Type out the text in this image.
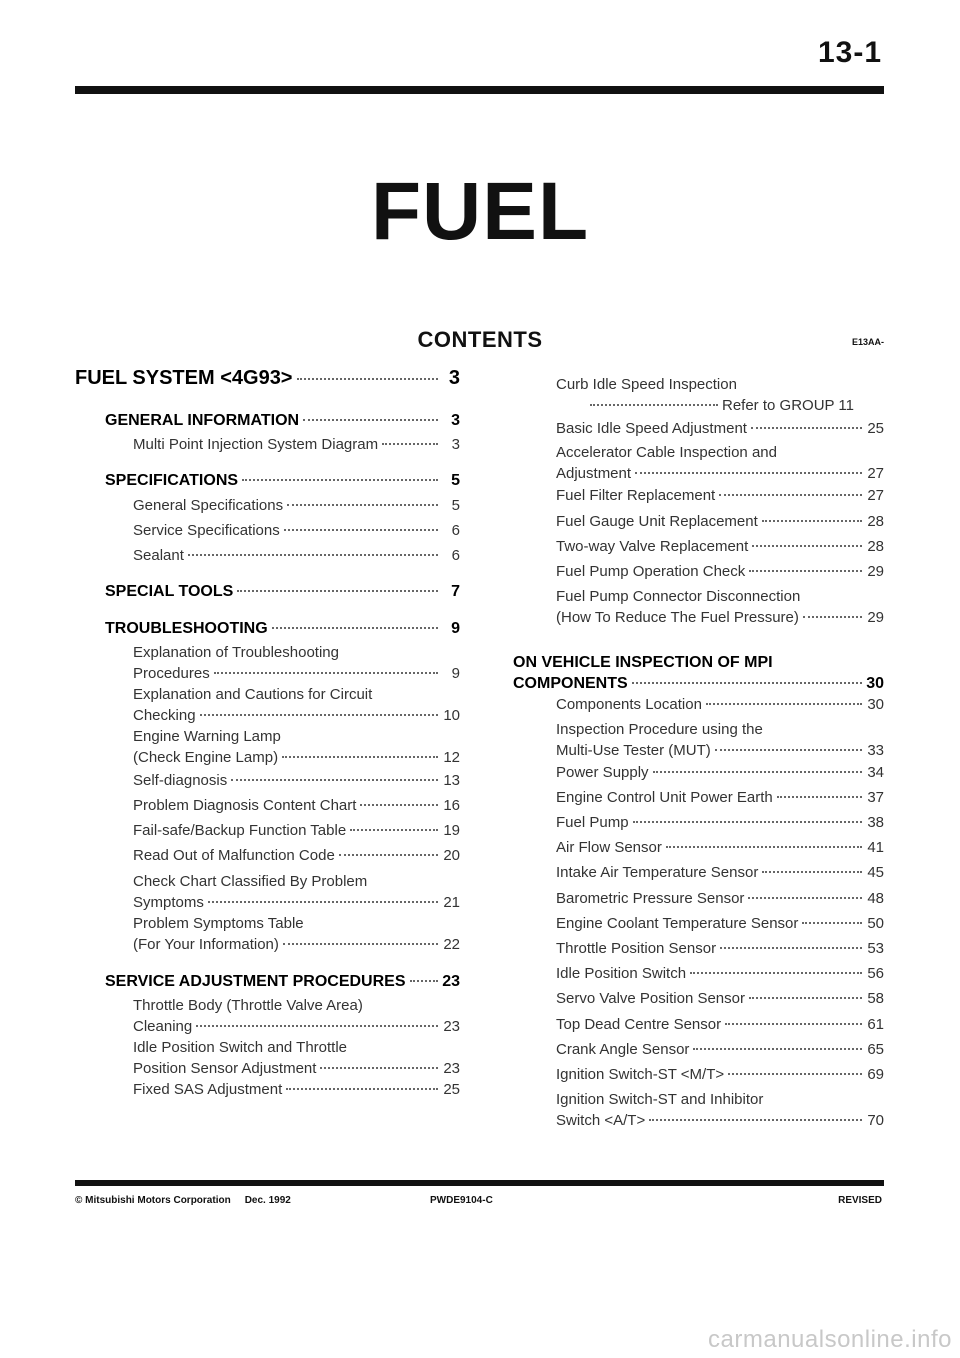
13-1
FUEL
CONTENTS	E13AA-
FUEL SYSTEM <4G93>	3
GENERAL INFORMATION	3
Multi Point Injection System Diagram	3
SPECIFICATIONS	5
General Specifications	5
Service Specifications	6
Sealant	6
SPECIAL TOOLS	7
TROUBLESHOOTING	9
Explanation of Troubleshooting
Procedures	9
Explanation and Cautions for Circuit
Checking	10
Engine Warning Lamp
(Check Engine Lamp)	12
Self-diagnosis	13
Problem Diagnosis Content Chart	16
Fail-safe/Backup Function Table	19
Read Out of Malfunction Code	20
Check Chart Classified By Problem
Symptoms	21
Problem Symptoms Table
(For Your Information)	22
SERVICE ADJUSTMENT PROCEDURES 23
Throttle Body (Throttle Valve Area)
Cleaning	23
Idle Position Switch and Throttle
Position Sensor Adjustment	23
Fixed SAS Adjustment	25
Curb Idle Speed Inspection
Refer to GROUP 11
Basic Idle Speed Adjustment	25
Accelerator Cable Inspection and
Adjustment	27
Fuel Filter Replacement	27
Fuel Gauge Unit Replacement	28
Two-way Valve Replacement	28
Fuel Pump Operation Check	29
Fuel Pump Connector Disconnection
(How To Reduce The Fuel Pressure)	29
ON VEHICLE INSPECTION OF MPI
COMPONENTS	30
Components Location	30
Inspection Procedure using the
Multi-Use Tester (MUT)	33
Power Supply	34
Engine Control Unit Power Earth	37
Fuel Pump	38
Air Flow Sensor	41
Intake Air Temperature Sensor	45
Barometric Pressure Sensor	48
Engine Coolant Temperature Sensor	50
Throttle Position Sensor	53
Idle Position Switch	56
Servo Valve Position Sensor	58
Top Dead Centre Sensor	61
Crank Angle Sensor	65
Ignition Switch-ST <M/T>	69
Ignition Switch-ST and Inhibitor
Switch <A/T>	70
© Mitsubishi Motors Corporation Dec. 1992	PWDE9104-C	REVISED
carmanualsonline.info
